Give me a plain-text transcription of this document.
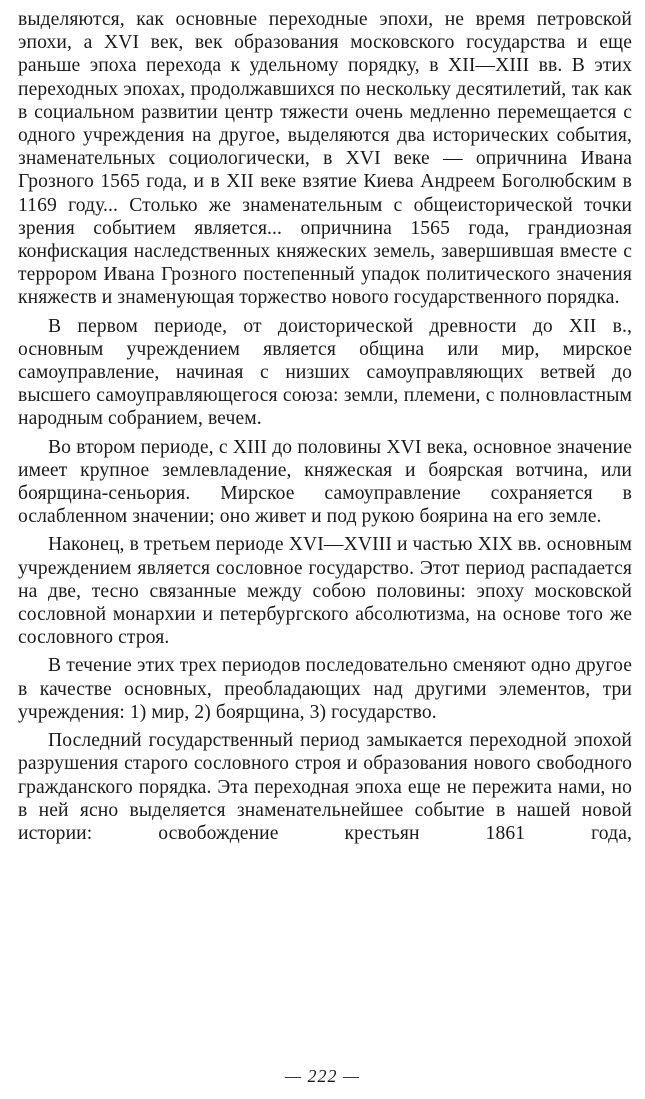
выделяются, как основные переходные эпохи, не время петровской эпохи, а XVI век, век образования московского государства и еще раньше эпоха перехода к удельному порядку, в XII—XIII вв. В этих переходных эпохах, продолжавшихся по нескольку десятилетий, так как в социальном развитии центр тяжести очень медленно перемещается с одного учреждения на другое, выделяются два исторических события, знаменательных социологически, в XVI веке — опричнина Ивана Грозного 1565 года, и в XII веке взятие Киева Андреем Боголюбским в 1169 году... Столько же знаменательным с общеисторической точки зрения событием является... опричнина 1565 года, грандиозная конфискация наследственных княжеских земель, завершившая вместе с террором Ивана Грозного постепенный упадок политического значения княжеств и знаменующая торжество нового государственного порядка.

В первом периоде, от доисторической древности до XII в., основным учреждением является община или мир, мирское самоуправление, начиная с низших самоуправляющих ветвей до высшего самоуправляющегося союза: земли, племени, с полновластным народным собранием, вечем.

Во втором периоде, с XIII до половины XVI века, основное значение имеет крупное землевладение, княжеская и боярская вотчина, или боярщина-сеньория. Мирское самоуправление сохраняется в ослабленном значении; оно живет и под рукою боярина на его земле.

Наконец, в третьем периоде XVI—XVIII и частью XIX вв. основным учреждением является сословное государство. Этот период распадается на две, тесно связанные между собою половины: эпоху московской сословной монархии и петербургского абсолютизма, на основе того же сословного строя.

В течение этих трех периодов последовательно сменяют одно другое в качестве основных, преобладающих над другими элементов, три учреждения: 1) мир, 2) боярщина, 3) государство.

Последний государственный период замыкается переходной эпохой разрушения старого сословного строя и образования нового свободного гражданского порядка. Эта переходная эпоха еще не пережита нами, но в ней ясно выделяется знаменательнейшее событие в нашей новой истории: освобождение крестьян 1861 года,

— 222 —
